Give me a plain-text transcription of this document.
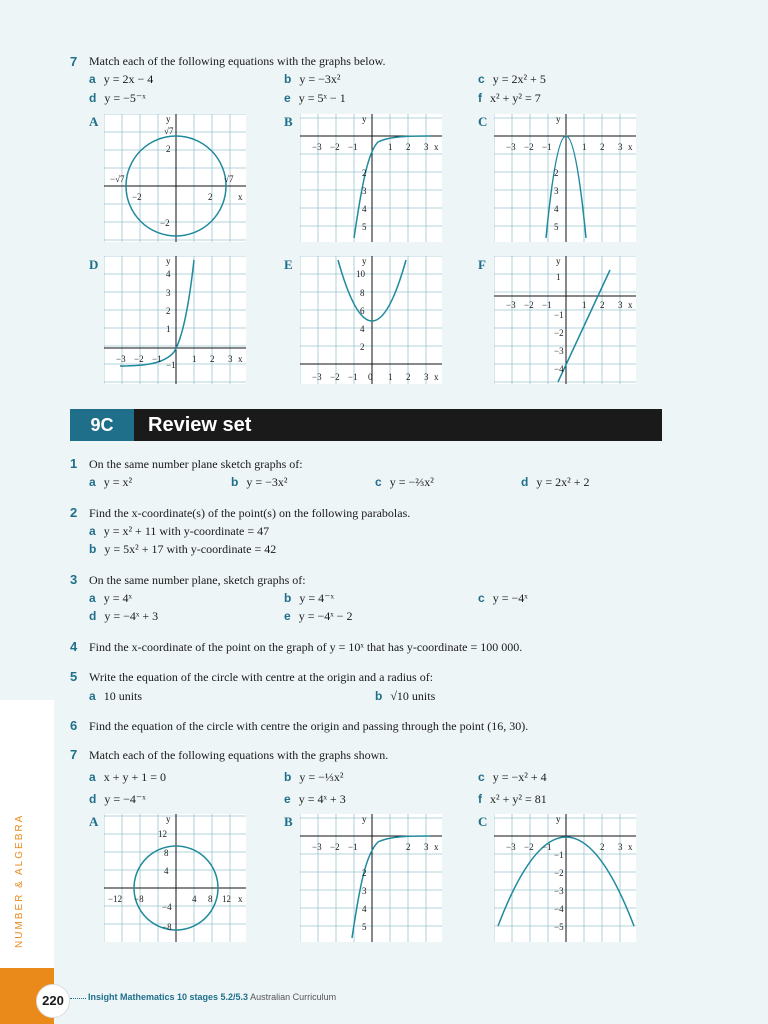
7 Match each of the following equations with the graphs below.
a y = 2x − 4	b y = −3x²	c y = 2x² + 5
d y = −5⁻ˣ	e y = 5ˣ − 1	f x² + y² = 7
A	B	C
D	E	F
y
x
√7
2
−√7	√7
−2	2
−2
y
x
−3 −2 −1	1 2 3
2
3
4
5
y
x
−3 −2 −1	1 2 3
2
3
4
5
y
x
4
3
2
1
−3 −2 −1	1 2 3
−1
y
10
8
6
4
2
−3 −2 −1 0 1 2 3 x
y
1
−3 −2 −1	1 2 3 x
−1
−2
−3
−4
9C	Review set
1 On the same number plane sketch graphs of:
a y = x²	b y = −3x²	c y = −⅔x²	d y = 2x² + 2
2 Find the x-coordinate(s) of the point(s) on the following parabolas.
a y = x² + 11 with y-coordinate = 47
b y = 5x² + 17 with y-coordinate = 42
3 On the same number plane, sketch graphs of:
a y = 4ˣ	b y = 4⁻ˣ	c y = −4ˣ
d y = −4ˣ + 3	e y = −4ˣ − 2
4 Find the x-coordinate of the point on the graph of y = 10ˣ that has y-coordinate = 100 000.
5 Write the equation of the circle with centre at the origin and a radius of:
a 10 units	b √10 units
6 Find the equation of the circle with centre the origin and passing through the point (16, 30).
7 Match each of the following equations with the graphs shown.
a x + y + 1 = 0	b y = −⅓x²	c y = −x² + 4
d y = −4⁻ˣ	e y = 4ˣ + 3	f x² + y² = 81
A	B	C
y
12
8
4
−12 −8	4 8 12 x
−4
−8
y
−3 −2 −1	2 3 x
2
3
4
5
y
−3 −2 −1	2 3 x
−1
−2
−3
−4
−5
NUMBER & ALGEBRA
220	Insight Mathematics 10 stages 5.2/5.3 Australian Curriculum
